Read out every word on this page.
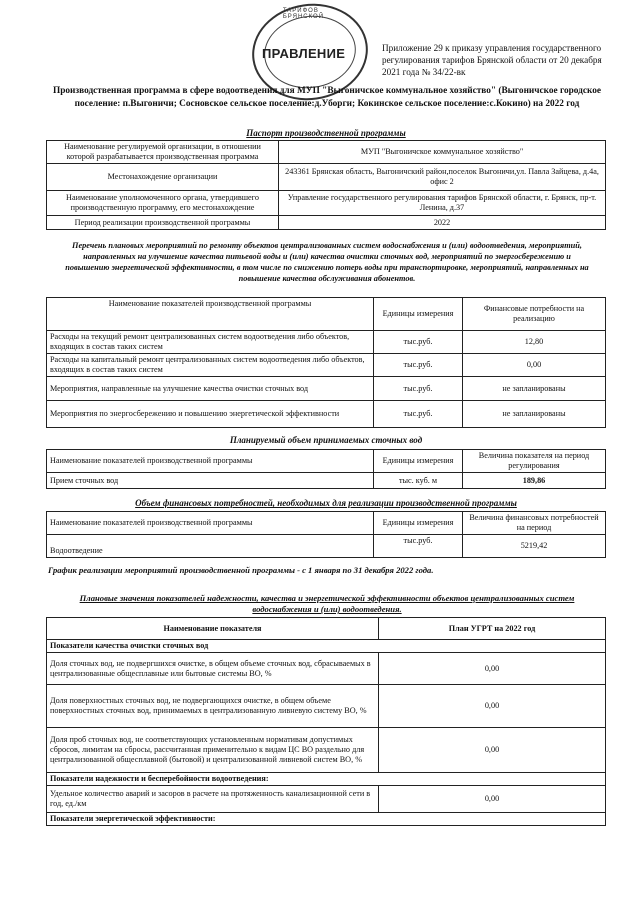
ТАРИФОВ БРЯНСКОЙ
ПРАВЛЕНИЕ	Приложение 29 к приказу управления государственного регулирования тарифов Брянской области от 20 декабря 2021 года № 34/22-вк
Производственная программа в сфере водоотведения для МУП "Выгоничское коммунальное хозяйство" (Выгоничское городское поселение: п.Выгоничи; Сосновское сельское поселение:д.Уборги; Кокинское сельское поселение:с.Кокино) на 2022 год
Паспорт производственной программы
Наименование регулируемой организации, в отношении которой разрабатывается производственная программа	МУП "Выгоничское коммунальное хозяйство"
Местонахождение организации	243361 Брянская область, Выгоничский район,поселок Выгоничи,ул. Павла Зайцева, д.4а, офис 2
Наименование уполномоченного органа, утвердившего производственную программу, его местонахождение	Управление государственного регулирования тарифов Брянской области, г. Брянск, пр-т. Ленина, д.37
Период реализации производственной программы	2022
Перечень плановых мероприятий по ремонту объектов централизованных систем водоснабжения и (или) водоотведения, мероприятий, направленных на улучшение качества питьевой воды и (или) качества очистки сточных вод, мероприятий по энергосбережению и повышению энергетической эффективности, в том числе по снижению потерь воды при транспортировке, мероприятий, направленных на повышение качества обслуживания абонентов.
Наименование показателей производственной программы	Единицы измерения	Финансовые потребности на реализацию
Расходы на текущий ремонт централизованных систем водоотведения либо объектов, входящих в состав таких систем	тыс.руб.	12,80
Расходы на капитальный ремонт централизованных систем водоотведения либо объектов, входящих в состав таких систем	тыс.руб.	0,00
Мероприятия, направленные на улучшение качества очистки сточных вод	тыс.руб.	не запланированы
Мероприятия по энергосбережению и повышению энергетической эффективности	тыс.руб.	не запланированы
Планируемый объем принимаемых сточных вод
Наименование показателей производственной программы	Единицы измерения	Величина показателя на период регулирования
Прием сточных вод	тыс. куб. м	189,86
Объем финансовых потребностей, необходимых для реализации производственной программы
Наименование показателей производственной программы	Единицы измерения	Величина финансовых потребностей на период
Водоотведение	тыс.руб.	5219,42
График реализации мероприятий производственной программы - с 1 января по 31 декабря 2022 года.
Плановые значения показателей надежности, качества и энергетической эффективности объектов централизованных систем водоснабжения и (или) водоотведения.
Наименование показателя	План УГРТ на 2022 год
Показатели качества очистки сточных вод	
Доля сточных вод, не подвергшихся очистке, в общем объеме сточных вод, сбрасываемых в централизованные общесплавные или бытовые системы ВО, %	0,00
Доля поверхностных сточных вод, не подвергающихся очистке, в общем объеме поверхностных сточных вод, принимаемых в централизованную ливневую систему ВО, %	0,00
Доля проб сточных вод, не соответствующих установленным нормативам допустимых сбросов, лимитам на сбросы, рассчитанная применительно к видам ЦС ВО раздельно для централизованной общесплавной (бытовой) и централизованной ливневой систем ВО, %	0,00
Показатели надежности и бесперебойности водоотведения:	
Удельное количество аварий и засоров в расчете на протяженность канализационной сети в год, ед./км	0,00
Показатели энергетической эффективности:	
